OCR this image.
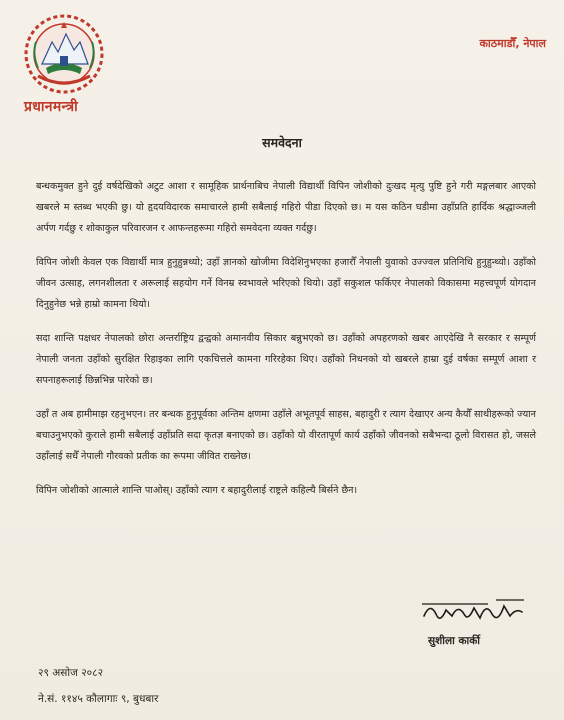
प्रधानमन्त्री
काठमाडौँ, नेपाल
समवेदना

बन्धकमुक्त हुने दुई वर्षदेखिको अटुट आशा र सामूहिक प्रार्थनाबिच नेपाली विद्यार्थी विपिन जोशीको दुःखद मृत्यु पुष्टि हुने गरी मङ्गलबार आएको खबरले म स्तब्ध भएकी छु। यो हृदयविदारक समाचारले हामी सबैलाई गहिरो पीडा दिएको छ। म यस कठिन घडीमा उहाँप्रति हार्दिक श्रद्धाञ्जली अर्पण गर्दछु र शोकाकुल परिवारजन र आफन्तहरूमा गहिरो समवेदना व्यक्त गर्दछु।

विपिन जोशी केवल एक विद्यार्थी मात्र हुनुहुन्नथ्यो; उहाँ ज्ञानको खोजीमा विदेशिनुभएका हजारौँ नेपाली युवाको उज्ज्वल प्रतिनिधि हुनुहुन्थ्यो। उहाँको जीवन उत्साह, लगनशीलता र अरूलाई सहयोग गर्ने विनम्र स्वभावले भरिएको थियो। उहाँ सकुशल फर्किएर नेपालको विकासमा महत्त्वपूर्ण योगदान दिनुहुनेछ भन्ने हाम्रो कामना थियो।

सदा शान्ति पक्षधर नेपालको छोरा अन्तर्राष्ट्रिय द्वन्द्वको अमानवीय सिकार बन्नुभएको छ। उहाँको अपहरणको खबर आएदेखि नै सरकार र सम्पूर्ण नेपाली जनता उहाँको सुरक्षित रिहाइका लागि एकचित्तले कामना गरिरहेका थिए। उहाँको निधनको यो खबरले हाम्रा दुई वर्षका सम्पूर्ण आशा र सपनाहरूलाई छिन्नभिन्न पारेको छ।

उहाँ त अब हामीमाझ रहनुभएन। तर बन्धक हुनुपूर्वका अन्तिम क्षणमा उहाँले अभूतपूर्व साहस, बहादुरी र त्याग देखाएर अन्य कैयौँ साथीहरूको ज्यान बचाउनुभएको कुराले हामी सबैलाई उहाँप्रति सदा कृतज्ञ बनाएको छ। उहाँको यो वीरतापूर्ण कार्य उहाँको जीवनको सबैभन्दा ठूलो विरासत हो, जसले उहाँलाई सधैँ नेपाली गौरवको प्रतीक का रूपमा जीवित राख्नेछ।

विपिन जोशीको आत्माले शान्ति पाओस्। उहाँको त्याग र बहादुरीलाई राष्ट्रले कहिल्यै बिर्सने छैन।

सुशीला कार्की
२९ असोज २०८२
ने.सं. ११४५ कौलागाः ९, बुधबार
